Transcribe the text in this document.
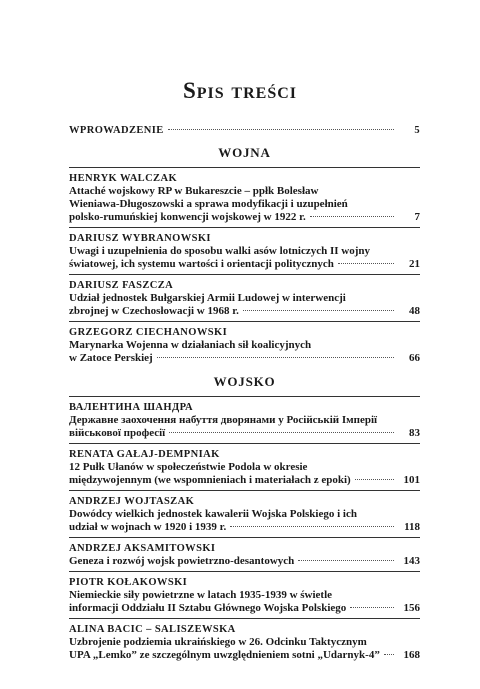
Spis treści
WPROWADZENIE	5
WOJNA
HENRYK WALCZAK
Attaché wojskowy RP w Bukareszcie – ppłk Bolesław
Wieniawa-Długoszowski a sprawa modyfikacji i uzupełnień
polsko-rumuńskiej konwencji wojskowej w 1922 r.	7
DARIUSZ WYBRANOWSKI
Uwagi i uzupełnienia do sposobu walki asów lotniczych II wojny
światowej, ich systemu wartości i orientacji politycznych	21
DARIUSZ FASZCZA
Udział jednostek Bułgarskiej Armii Ludowej w interwencji
zbrojnej w Czechosłowacji w 1968 r.	48
GRZEGORZ CIECHANOWSKI
Marynarka Wojenna w działaniach sił koalicyjnych
w Zatoce Perskiej	66
WOJSKO
ВАЛЕНТИНА ШАНДРА
Державне заохочення набуття дворянами у Російській Імперії
військової професії	83
RENATA GAŁAJ-DEMPNIAK
12 Pułk Ułanów w społeczeństwie Podola w okresie
międzywojennym (we wspomnieniach i materiałach z epoki)	101
ANDRZEJ WOJTASZAK
Dowódcy wielkich jednostek kawalerii Wojska Polskiego i ich
udział w wojnach w 1920 i 1939 r.	118
ANDRZEJ AKSAMITOWSKI
Geneza i rozwój wojsk powietrzno-desantowych	143
PIOTR KOŁAKOWSKI
Niemieckie siły powietrzne w latach 1935-1939 w świetle
informacji Oddziału II Sztabu Głównego Wojska Polskiego	156
ALINA BACIC – SALISZEWSKA
Uzbrojenie podziemia ukraińskiego w 26. Odcinku Taktycznym
UPA „Lemko” ze szczególnym uwzględnieniem sotni „Udarnyk-4”	168
